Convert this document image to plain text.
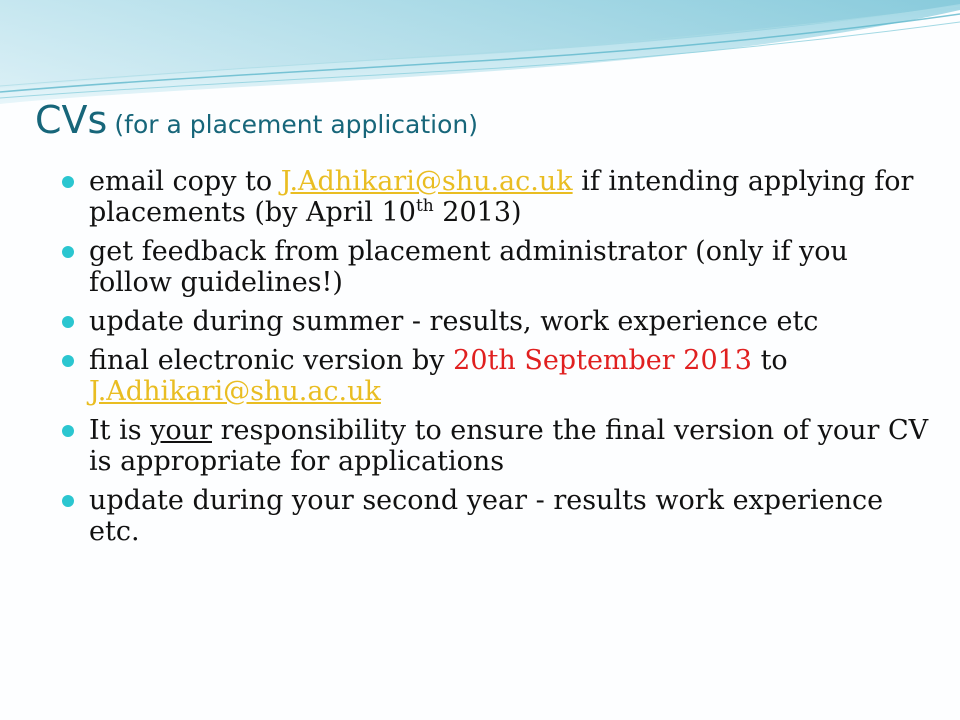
CVs (for a placement application)
email copy to J.Adhikari@shu.ac.uk if intending applying for placements (by April 10th 2013)
get feedback from placement administrator (only if you follow guidelines!)
update during summer - results, work experience etc
final electronic version by 20th September 2013 to J.Adhikari@shu.ac.uk
It is your responsibility to ensure the final version of your CV is appropriate for applications
update during your second year - results work experience etc.
